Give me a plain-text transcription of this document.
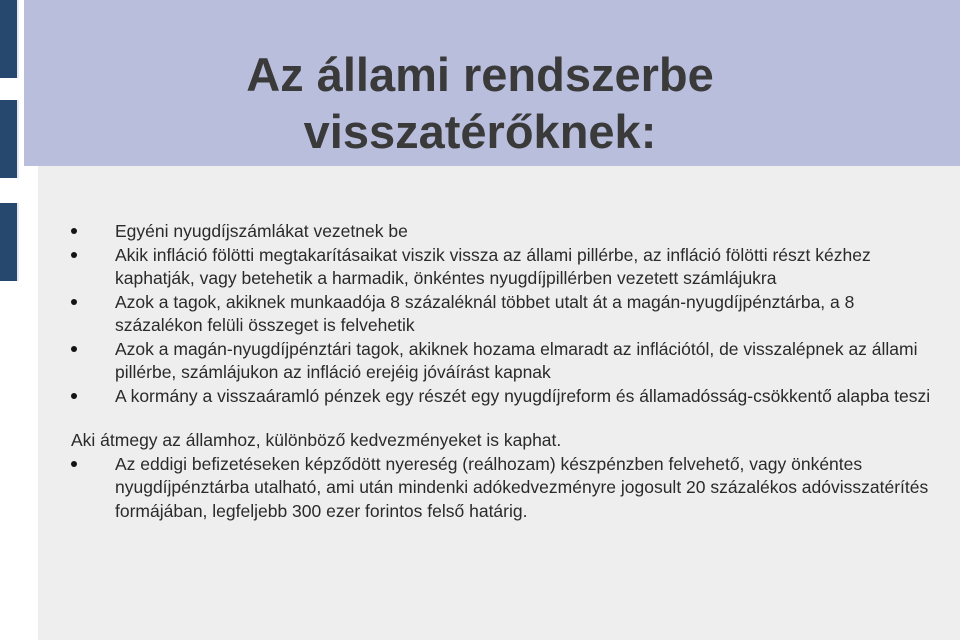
Az állami rendszerbe
visszatérőknek:

Egyéni nyugdíjszámlákat vezetnek be

Akik infláció fölötti megtakarításaikat viszik vissza az állami pillérbe, az infláció fölötti részt kézhez kaphatják, vagy betehetik a harmadik, önkéntes nyugdíjpillérben vezetett számlájukra

Azok a tagok, akiknek munkaadója 8 százaléknál többet utalt át a magán-nyugdíjpénztárba, a 8 százalékon felüli összeget is felvehetik

Azok a magán-nyugdíjpénztári tagok, akiknek hozama elmaradt az inflációtól, de visszalépnek az állami pillérbe, számlájukon az infláció erejéig jóváírást kapnak

A kormány a visszaáramló pénzek egy részét egy nyugdíjreform és államadósság-csökkentő alapba teszi

Aki átmegy az államhoz, különböző kedvezményeket is kaphat.

Az eddigi befizetéseken képződött nyereség (reálhozam) készpénzben felvehető, vagy önkéntes nyugdíjpénztárba utalható, ami után mindenki adókedvezményre jogosult 20 százalékos adóvisszatérítés formájában, legfeljebb 300 ezer forintos felső határig.
